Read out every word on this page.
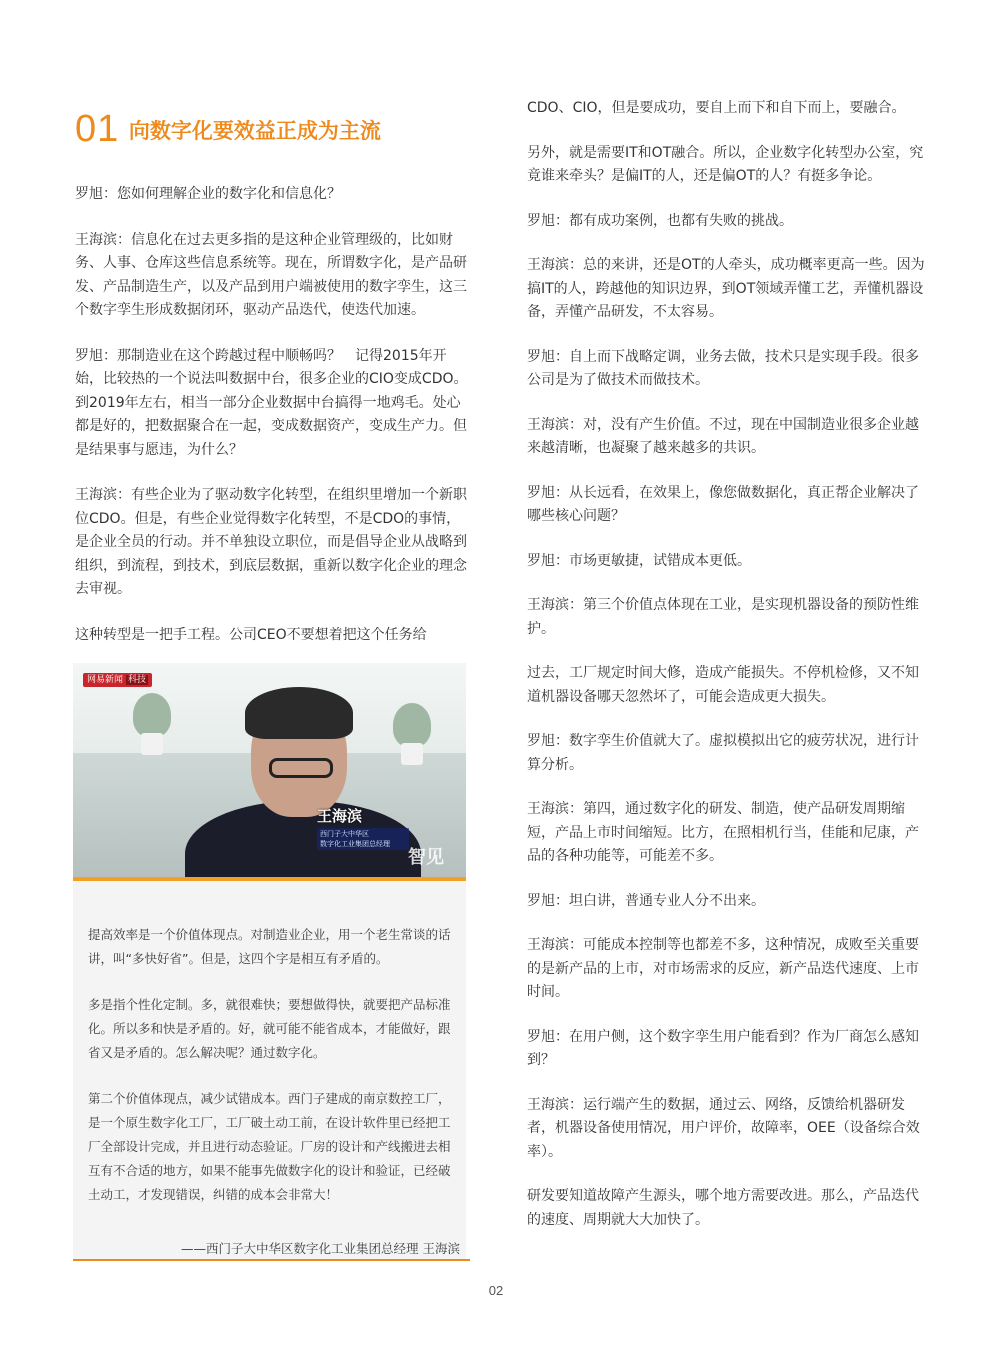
01 向数字化要效益正成为主流

罗旭：您如何理解企业的数字化和信息化？

王海滨：信息化在过去更多指的是这种企业管理级的，比如财务、人事、仓库这些信息系统等。现在，所谓数字化，是产品研发、产品制造生产，以及产品到用户端被使用的数字孪生，这三个数字孪生形成数据闭环，驱动产品迭代，使迭代加速。

罗旭：那制造业在这个跨越过程中顺畅吗？　记得2015年开始，比较热的一个说法叫数据中台，很多企业的CIO变成CDO。到2019年左右，相当一部分企业数据中台搞得一地鸡毛。处心都是好的，把数据聚合在一起，变成数据资产，变成生产力。但是结果事与愿违，为什么？

王海滨：有些企业为了驱动数字化转型，在组织里增加一个新职位CDO。但是，有些企业觉得数字化转型，不是CDO的事情，是企业全员的行动。并不单独设立职位，而是倡导企业从战略到组织，到流程，到技术，到底层数据，重新以数字化企业的理念去审视。

这种转型是一把手工程。公司CEO不要想着把这个任务给

网易新闻 科技
王海滨
西门子大中华区
数字化工业集团总经理
智见

提高效率是一个价值体现点。对制造业企业，用一个老生常谈的话讲，叫“多快好省”。但是，这四个字是相互有矛盾的。

多是指个性化定制。多，就很难快；要想做得快，就要把产品标准化。所以多和快是矛盾的。好，就可能不能省成本，才能做好，跟省又是矛盾的。怎么解决呢？通过数字化。

第二个价值体现点，减少试错成本。西门子建成的南京数控工厂，是一个原生数字化工厂，工厂破土动工前，在设计软件里已经把工厂全部设计完成，并且进行动态验证。厂房的设计和产线搬进去相互有不合适的地方，如果不能事先做数字化的设计和验证，已经破土动工，才发现错误，纠错的成本会非常大！

——西门子大中华区数字化工业集团总经理 王海滨

CDO、CIO，但是要成功，要自上而下和自下而上，要融合。

另外，就是需要IT和OT融合。所以，企业数字化转型办公室，究竟谁来牵头？是偏IT的人，还是偏OT的人？有挺多争论。

罗旭：都有成功案例，也都有失败的挑战。

王海滨：总的来讲，还是OT的人牵头，成功概率更高一些。因为搞IT的人，跨越他的知识边界，到OT领域弄懂工艺，弄懂机器设备，弄懂产品研发，不太容易。

罗旭：自上而下战略定调，业务去做，技术只是实现手段。很多公司是为了做技术而做技术。

王海滨：对，没有产生价值。不过，现在中国制造业很多企业越来越清晰，也凝聚了越来越多的共识。

罗旭：从长远看，在效果上，像您做数据化，真正帮企业解决了哪些核心问题？

罗旭：市场更敏捷，试错成本更低。

王海滨：第三个价值点体现在工业，是实现机器设备的预防性维护。

过去，工厂规定时间大修，造成产能损失。不停机检修，又不知道机器设备哪天忽然坏了，可能会造成更大损失。

罗旭：数字孪生价值就大了。虚拟模拟出它的疲劳状况，进行计算分析。

王海滨：第四，通过数字化的研发、制造，使产品研发周期缩短，产品上市时间缩短。比方，在照相机行当，佳能和尼康，产品的各种功能等，可能差不多。

罗旭：坦白讲，普通专业人分不出来。

王海滨：可能成本控制等也都差不多，这种情况，成败至关重要的是新产品的上市，对市场需求的反应，新产品迭代速度、上市时间。

罗旭：在用户侧，这个数字孪生用户能看到？作为厂商怎么感知到？

王海滨：运行端产生的数据，通过云、网络，反馈给机器研发者，机器设备使用情况，用户评价，故障率，OEE（设备综合效率）。

研发要知道故障产生源头，哪个地方需要改进。那么，产品迭代的速度、周期就大大加快了。

02
